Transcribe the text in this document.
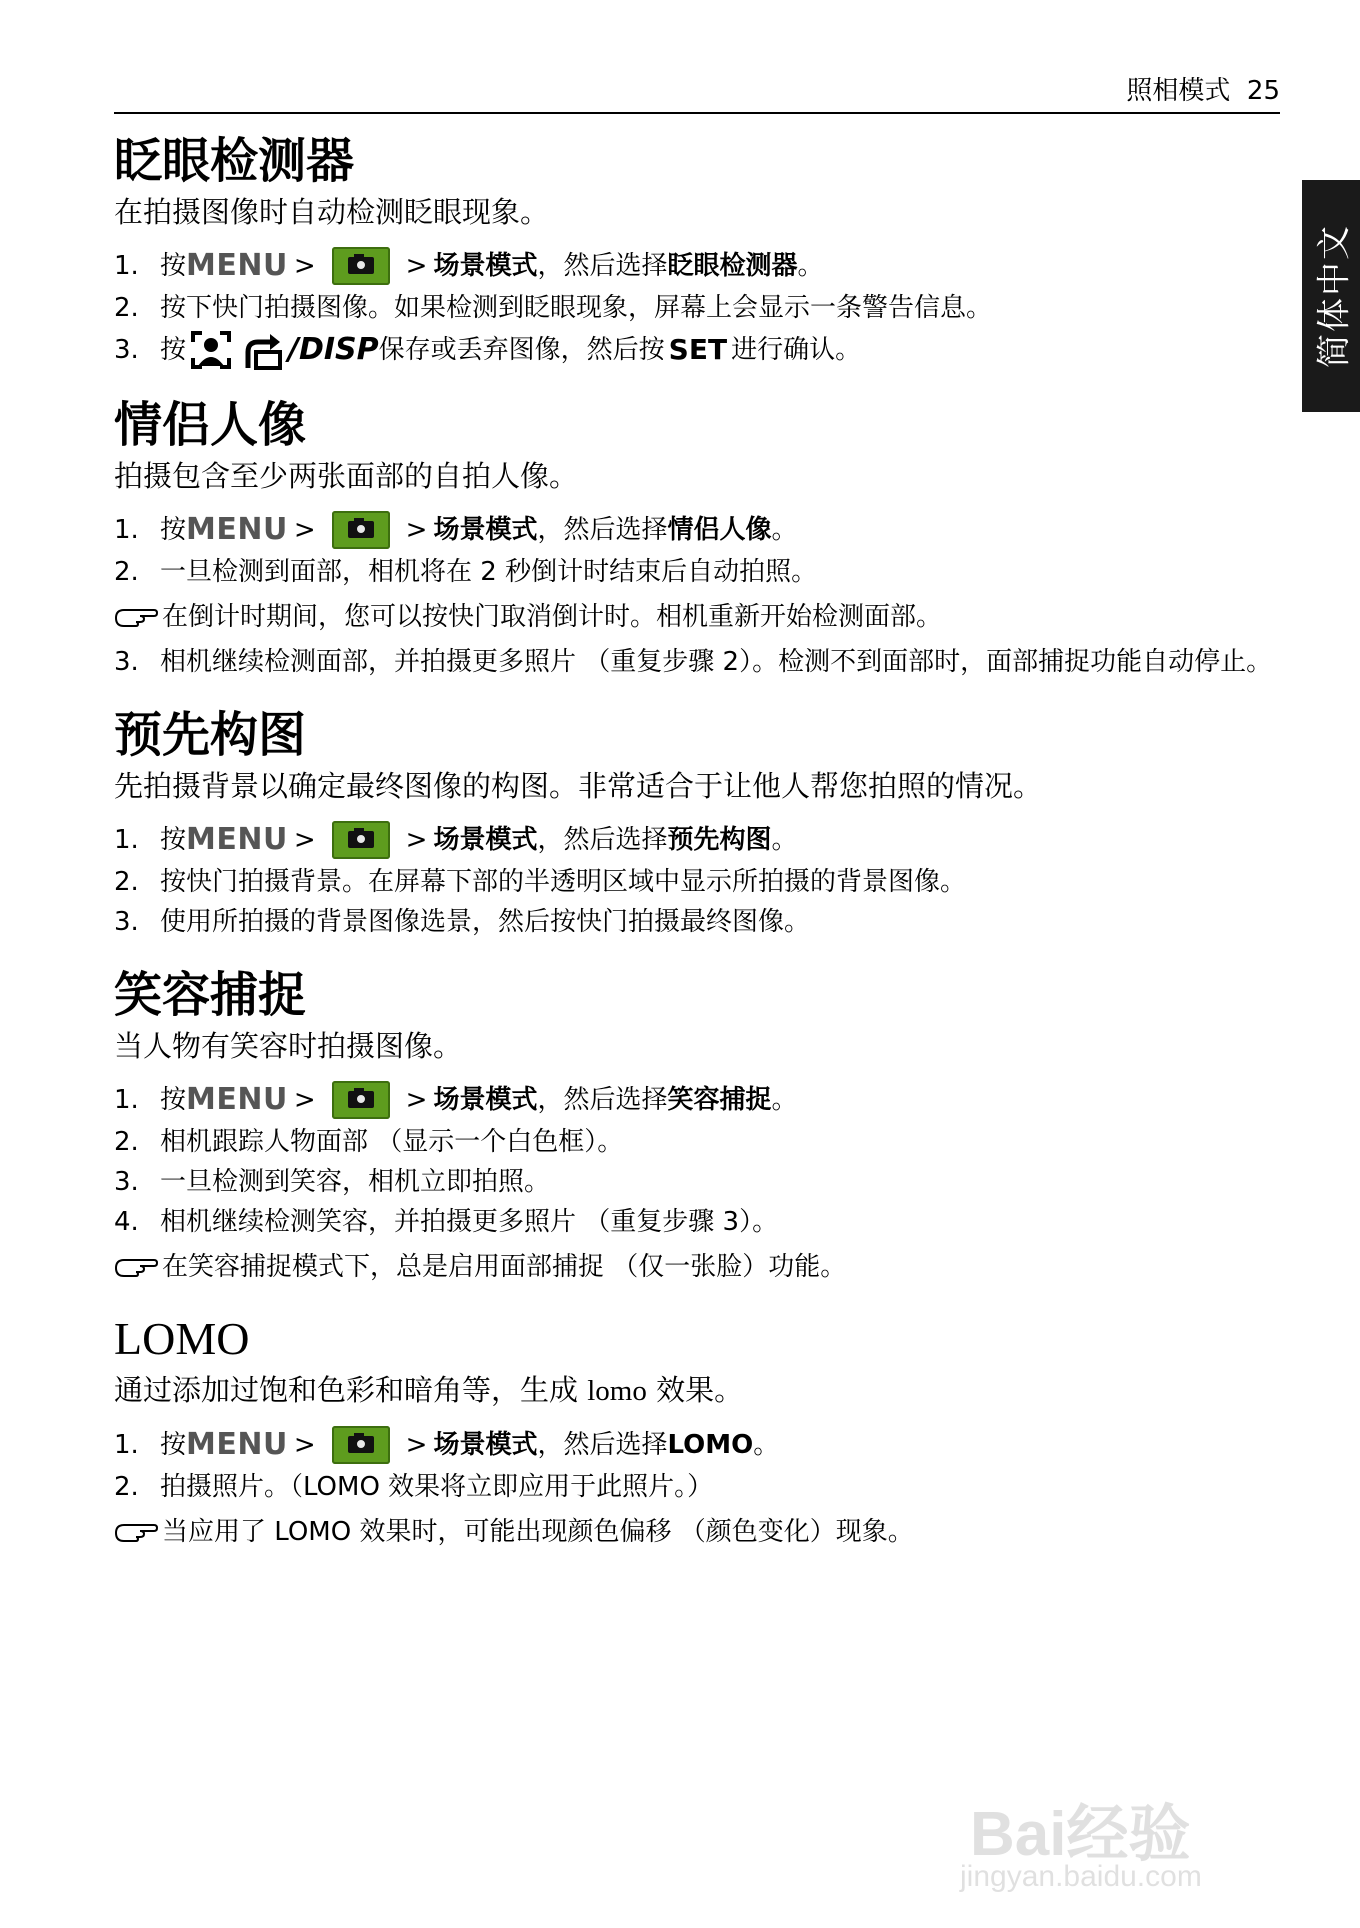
照相模式 25
简体中文
眨眼检测器

在拍摄图像时自动检测眨眼现象。

1. 按 MENU >	> 场景模式 ，然后选择 眨眼检测器 。
2. 按下快门拍摄图像。如果检测到眨眼现象，屏幕上会显示一条警告信息。
3. 按	/DISP 保存或丢弃图像，然后按 SET 进行确认。
情侣人像

拍摄包含至少两张面部的自拍人像。

1. 按 MENU >	> 场景模式 ，然后选择 情侣人像 。
2. 一旦检测到面部，相机将在 2 秒倒计时结束后自动拍照。
在倒计时期间，您可以按快门取消倒计时。相机重新开始检测面部。
3. 相机继续检测面部，并拍摄更多照片 （重复步骤 2）。检测不到面部时，面部捕捉功能自动停止。
预先构图

先拍摄背景以确定最终图像的构图。非常适合于让他人帮您拍照的情况。

1. 按 MENU >	> 场景模式 ，然后选择 预先构图 。
2. 按快门拍摄背景。在屏幕下部的半透明区域中显示所拍摄的背景图像。
3. 使用所拍摄的背景图像选景，然后按快门拍摄最终图像。
笑容捕捉

当人物有笑容时拍摄图像。

1. 按 MENU >	> 场景模式 ，然后选择 笑容捕捉 。
2. 相机跟踪人物面部 （显示一个白色框）。
3. 一旦检测到笑容，相机立即拍照。
4. 相机继续检测笑容，并拍摄更多照片 （重复步骤 3）。
在笑容捕捉模式下，总是启用面部捕捉 （仅一张脸）功能。
LOMO

通过添加过饱和色彩和暗角等，生成 lomo 效果。

1. 按 MENU >	> 场景模式 ，然后选择 LOMO 。
2. 拍摄照片。（LOMO 效果将立即应用于此照片。）
当应用了 LOMO 效果时，可能出现颜色偏移 （颜色变化）现象。
Bai经验
jingyan.baidu.com
